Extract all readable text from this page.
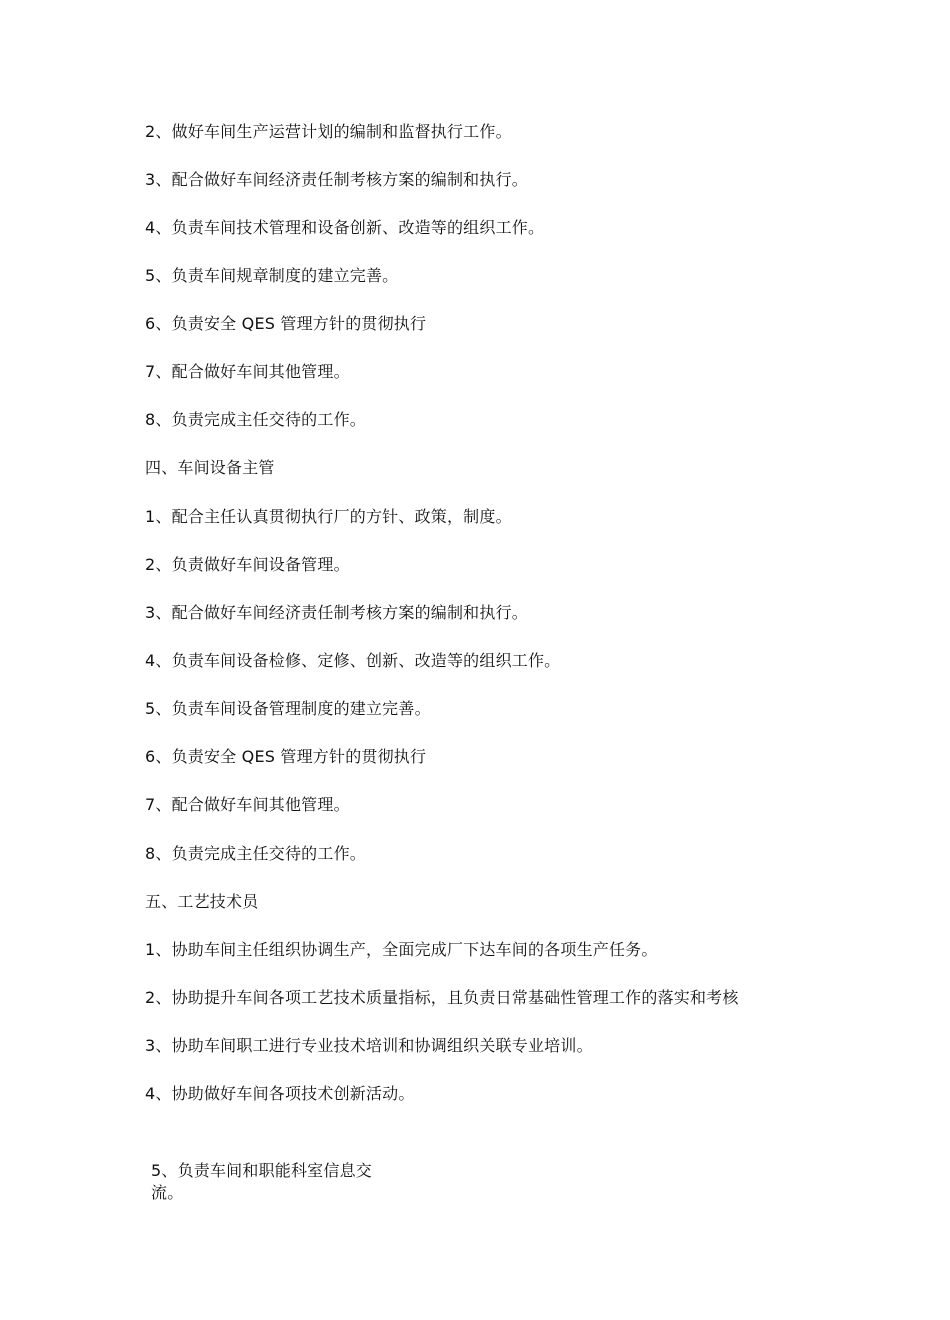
2、做好车间生产运营计划的编制和监督执行工作。
3、配合做好车间经济责任制考核方案的编制和执行。
4、负责车间技术管理和设备创新、改造等的组织工作。
5、负责车间规章制度的建立完善。
6、负责安全 QES 管理方针的贯彻执行
7、配合做好车间其他管理。
8、负责完成主任交待的工作。
四、车间设备主管
1、配合主任认真贯彻执行厂的方针、政策，制度。
2、负责做好车间设备管理。
3、配合做好车间经济责任制考核方案的编制和执行。
4、负责车间设备检修、定修、创新、改造等的组织工作。
5、负责车间设备管理制度的建立完善。
6、负责安全 QES 管理方针的贯彻执行
7、配合做好车间其他管理。
8、负责完成主任交待的工作。
五、工艺技术员
1、协助车间主任组织协调生产，全面完成厂下达车间的各项生产任务。
2、协助提升车间各项工艺技术质量指标，且负责日常基础性管理工作的落实和考核
3、协助车间职工进行专业技术培训和协调组织关联专业培训。
4、协助做好车间各项技术创新活动。
5、负责车间和职能科室信息交
流。
